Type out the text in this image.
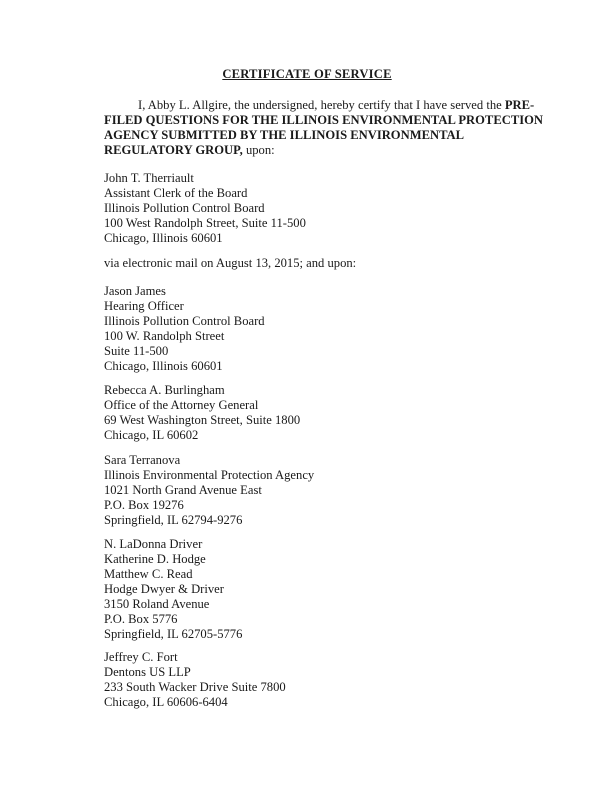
CERTIFICATE OF SERVICE

I, Abby L. Allgire, the undersigned, hereby certify that I have served the PRE-FILED QUESTIONS FOR THE ILLINOIS ENVIRONMENTAL PROTECTION AGENCY SUBMITTED BY THE ILLINOIS ENVIRONMENTAL REGULATORY GROUP, upon:

John T. Therriault
Assistant Clerk of the Board
Illinois Pollution Control Board
100 West Randolph Street, Suite 11-500
Chicago, Illinois 60601
via electronic mail on August 13, 2015; and upon:
Jason James
Hearing Officer
Illinois Pollution Control Board
100 W. Randolph Street
Suite 11-500
Chicago, Illinois 60601
Rebecca A. Burlingham
Office of the Attorney General
69 West Washington Street, Suite 1800
Chicago, IL 60602
Sara Terranova
Illinois Environmental Protection Agency
1021 North Grand Avenue East
P.O. Box 19276
Springfield, IL 62794-9276
N. LaDonna Driver
Katherine D. Hodge
Matthew C. Read
Hodge Dwyer & Driver
3150 Roland Avenue
P.O. Box 5776
Springfield, IL 62705-5776
Jeffrey C. Fort
Dentons US LLP
233 South Wacker Drive Suite 7800
Chicago, IL 60606-6404
